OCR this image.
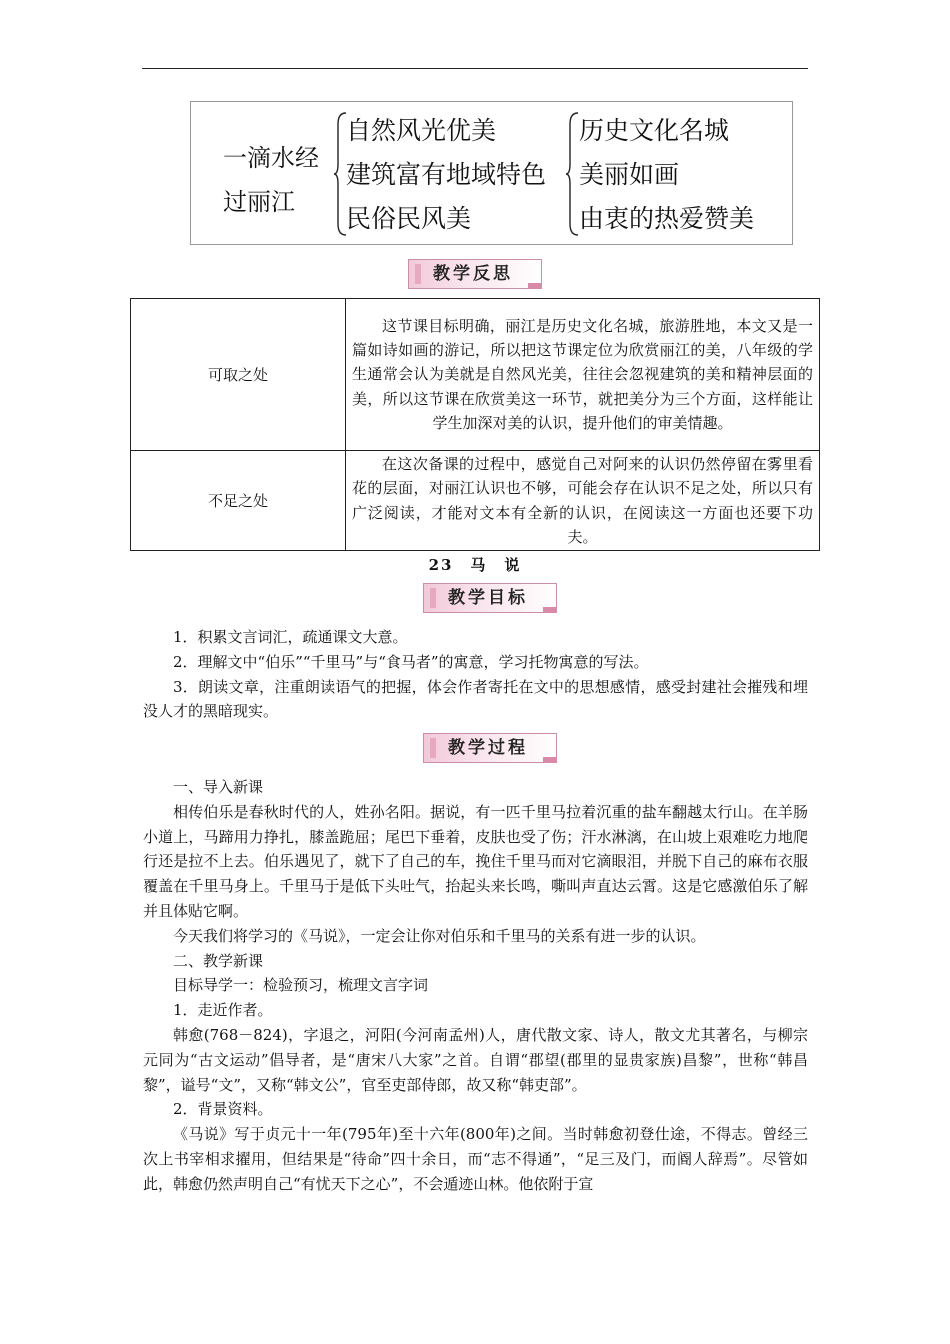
一滴水经
过丽江
自然风光优美
建筑富有地域特色
民俗民风美
历史文化名城
美丽如画
由衷的热爱赞美
教学反思
可取之处	这节课目标明确，丽江是历史文化名城，旅游胜地，本文又是一篇如诗如画的游记，所以把这节课定位为欣赏丽江的美，八年级的学生通常会认为美就是自然风光美，往往会忽视建筑的美和精神层面的美，所以这节课在欣赏美这一环节，就把美分为三个方面，这样能让学生加深对美的认识，提升他们的审美情趣。
不足之处	在这次备课的过程中，感觉自己对阿来的认识仍然停留在雾里看花的层面，对丽江认识也不够，可能会存在认识不足之处，所以只有广泛阅读，才能对文本有全新的认识，在阅读这一方面也还要下功夫。
23　马　说
教学目标

1．积累文言词汇，疏通课文大意。

2．理解文中“伯乐”“千里马”与“食马者”的寓意，学习托物寓意的写法。

3．朗读文章，注重朗读语气的把握，体会作者寄托在文中的思想感情，感受封建社会摧残和埋没人才的黑暗现实。

教学过程

一、导入新课

相传伯乐是春秋时代的人，姓孙名阳。据说，有一匹千里马拉着沉重的盐车翻越太行山。在羊肠小道上，马蹄用力挣扎，膝盖跪屈；尾巴下垂着，皮肤也受了伤；汗水淋漓，在山坡上艰难吃力地爬行还是拉不上去。伯乐遇见了，就下了自己的车，挽住千里马而对它滴眼泪，并脱下自己的麻布衣服覆盖在千里马身上。千里马于是低下头吐气，抬起头来长鸣，嘶叫声直达云霄。这是它感激伯乐了解并且体贴它啊。

今天我们将学习的《马说》，一定会让你对伯乐和千里马的关系有进一步的认识。

二、教学新课

目标导学一：检验预习，梳理文言字词

1．走近作者。

韩愈(768－824)，字退之，河阳(今河南孟州)人，唐代散文家、诗人，散文尤其著名，与柳宗元同为“古文运动”倡导者，是“唐宋八大家”之首。自谓“郡望(郡里的显贵家族)昌黎”，世称“韩昌黎”，谥号“文”，又称“韩文公”，官至吏部侍郎，故又称“韩吏部”。

2．背景资料。

《马说》写于贞元十一年(795年)至十六年(800年)之间。当时韩愈初登仕途，不得志。曾经三次上书宰相求擢用，但结果是“待命”四十余日，而“志不得通”，“足三及门，而阍人辞焉”。尽管如此，韩愈仍然声明自己“有忧天下之心”，不会遁迹山林。他依附于宣
